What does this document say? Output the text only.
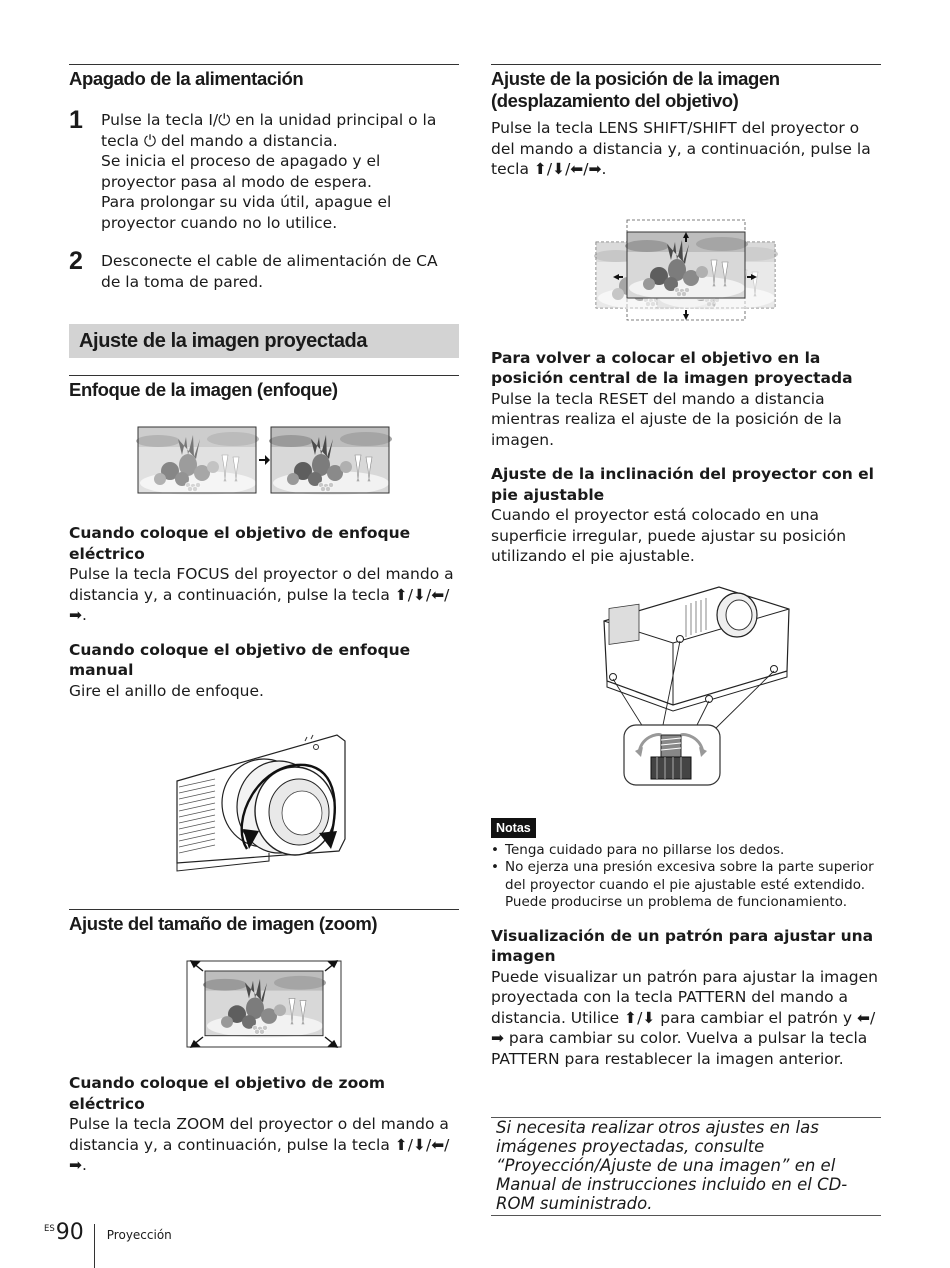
Apagado de la alimentación
1 Pulse la tecla I/⏻ en la unidad principal o la tecla ⏻ del mando a distancia.

Se inicia el proceso de apagado y el proyector pasa al modo de espera.

Para prolongar su vida útil, apague el proyector cuando no lo utilice.

2 Desconecte el cable de alimentación de CA de la toma de pared.

Ajuste de la imagen proyectada
Enfoque de la imagen (enfoque)

Cuando coloque el objetivo de enfoque eléctrico

Pulse la tecla FOCUS del proyector o del mando a distancia y, a continuación, pulse la tecla ⬆/⬇/⬅/➡.

Cuando coloque el objetivo de enfoque manual

Gire el anillo de enfoque.

Ajuste del tamaño de imagen (zoom)

Cuando coloque el objetivo de zoom eléctrico

Pulse la tecla ZOOM del proyector o del mando a distancia y, a continuación, pulse la tecla ⬆/⬇/⬅/➡.

Ajuste de la posición de la imagen
(desplazamiento del objetivo)

Pulse la tecla LENS SHIFT/SHIFT del proyector o del mando a distancia y, a continuación, pulse la tecla ⬆/⬇/⬅/➡.

Para volver a colocar el objetivo en la posición central de la imagen proyectada

Pulse la tecla RESET del mando a distancia mientras realiza el ajuste de la posición de la imagen.

Ajuste de la inclinación del proyector con el pie ajustable

Cuando el proyector está colocado en una superficie irregular, puede ajustar su posición utilizando el pie ajustable.

Notas
• Tenga cuidado para no pillarse los dedos.
• No ejerza una presión excesiva sobre la parte superior del proyector cuando el pie ajustable esté extendido. Puede producirse un problema de funcionamiento.

Visualización de un patrón para ajustar una imagen

Puede visualizar un patrón para ajustar la imagen proyectada con la tecla PATTERN del mando a distancia. Utilice ⬆/⬇ para cambiar el patrón y ⬅/➡ para cambiar su color. Vuelva a pulsar la tecla PATTERN para restablecer la imagen anterior.

Si necesita realizar otros ajustes en las imágenes proyectadas, consulte “Proyección/Ajuste de una imagen” en el Manual de instrucciones incluido en el CD-ROM suministrado.

ES 90 Proyección
